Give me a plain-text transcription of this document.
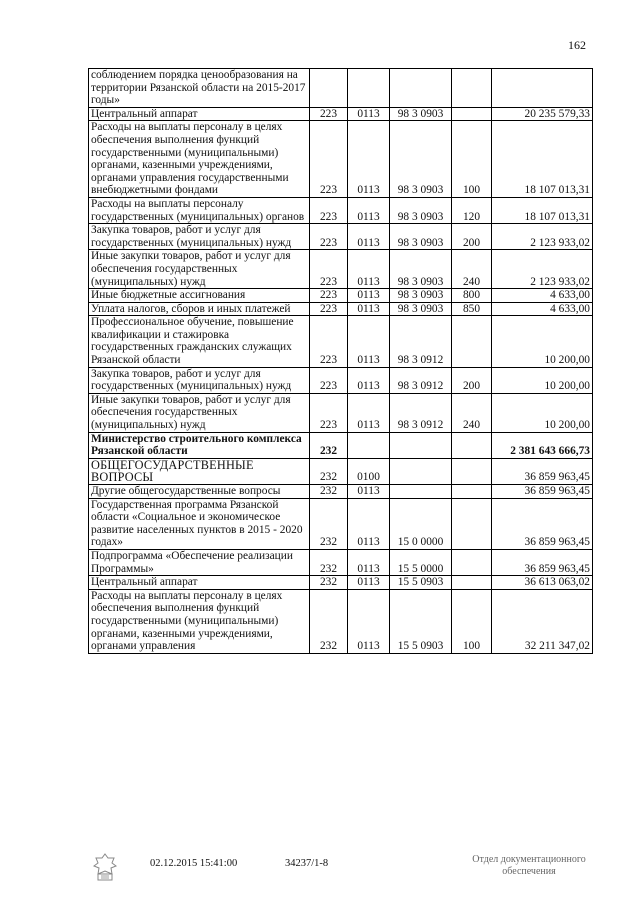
162
соблюдением порядка ценообразования на территории Рязанской области на 2015-2017 годы»					
Центральный аппарат	223	0113	98 3 0903		20 235 579,33
Расходы на выплаты персоналу в целях обеспечения выполнения функций государственными (муниципальными) органами, казенными учреждениями, органами управления государственными внебюджетными фондами	223	0113	98 3 0903	100	18 107 013,31
Расходы на выплаты персоналу государственных (муниципальных) органов	223	0113	98 3 0903	120	18 107 013,31
Закупка товаров, работ и услуг для государственных (муниципальных) нужд	223	0113	98 3 0903	200	2 123 933,02
Иные закупки товаров, работ и услуг для обеспечения государственных (муниципальных) нужд	223	0113	98 3 0903	240	2 123 933,02
Иные бюджетные ассигнования	223	0113	98 3 0903	800	4 633,00
Уплата налогов, сборов и иных платежей	223	0113	98 3 0903	850	4 633,00
Профессиональное обучение, повышение квалификации и стажировка государственных гражданских служащих Рязанской области	223	0113	98 3 0912		10 200,00
Закупка товаров, работ и услуг для государственных (муниципальных) нужд	223	0113	98 3 0912	200	10 200,00
Иные закупки товаров, работ и услуг для обеспечения государственных (муниципальных) нужд	223	0113	98 3 0912	240	10 200,00
Министерство строительного комплекса Рязанской области	232				2 381 643 666,73
ОБЩЕГОСУДАРСТВЕННЫЕ ВОПРОСЫ	232	0100			36 859 963,45
Другие общегосударственные вопросы	232	0113			36 859 963,45
Государственная программа Рязанской области «Социальное и экономическое развитие населенных пунктов в 2015 - 2020 годах»	232	0113	15 0 0000		36 859 963,45
Подпрограмма «Обеспечение реализации Программы»	232	0113	15 5 0000		36 859 963,45
Центральный аппарат	232	0113	15 5 0903		36 613 063,02
Расходы на выплаты персоналу в целях обеспечения выполнения функций государственными (муниципальными) органами, казенными учреждениями, органами управления	232	0113	15 5 0903	100	32 211 347,02
02.12.2015 15:41:00	34237/1-8	Отдел документационного
обеспечения
